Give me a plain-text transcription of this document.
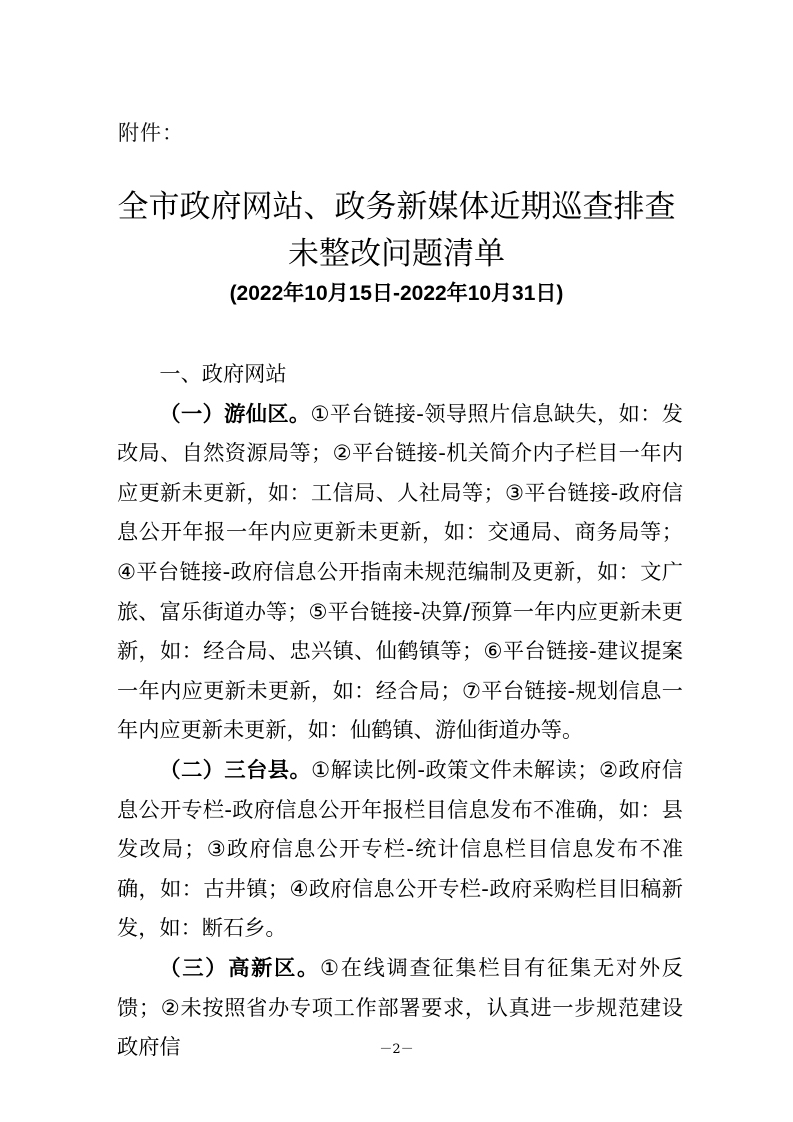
附件：
全市政府网站、政务新媒体近期巡查排查
未整改问题清单
(2022年10月15日-2022年10月31日)

一、政府网站

（一）游仙区。①平台链接-领导照片信息缺失，如：发改局、自然资源局等；②平台链接-机关简介内子栏目一年内应更新未更新，如：工信局、人社局等；③平台链接-政府信息公开年报一年内应更新未更新，如：交通局、商务局等；④平台链接-政府信息公开指南未规范编制及更新，如：文广旅、富乐街道办等；⑤平台链接-决算/预算一年内应更新未更新，如：经合局、忠兴镇、仙鹤镇等；⑥平台链接-建议提案一年内应更新未更新，如：经合局；⑦平台链接-规划信息一年内应更新未更新，如：仙鹤镇、游仙街道办等。

（二）三台县。①解读比例-政策文件未解读；②政府信息公开专栏-政府信息公开年报栏目信息发布不准确，如：县发改局；③政府信息公开专栏-统计信息栏目信息发布不准确，如：古井镇；④政府信息公开专栏-政府采购栏目旧稿新发，如：断石乡。

（三）高新区。①在线调查征集栏目有征集无对外反馈；②未按照省办专项工作部署要求，认真进一步规范建设政府信	－2－
